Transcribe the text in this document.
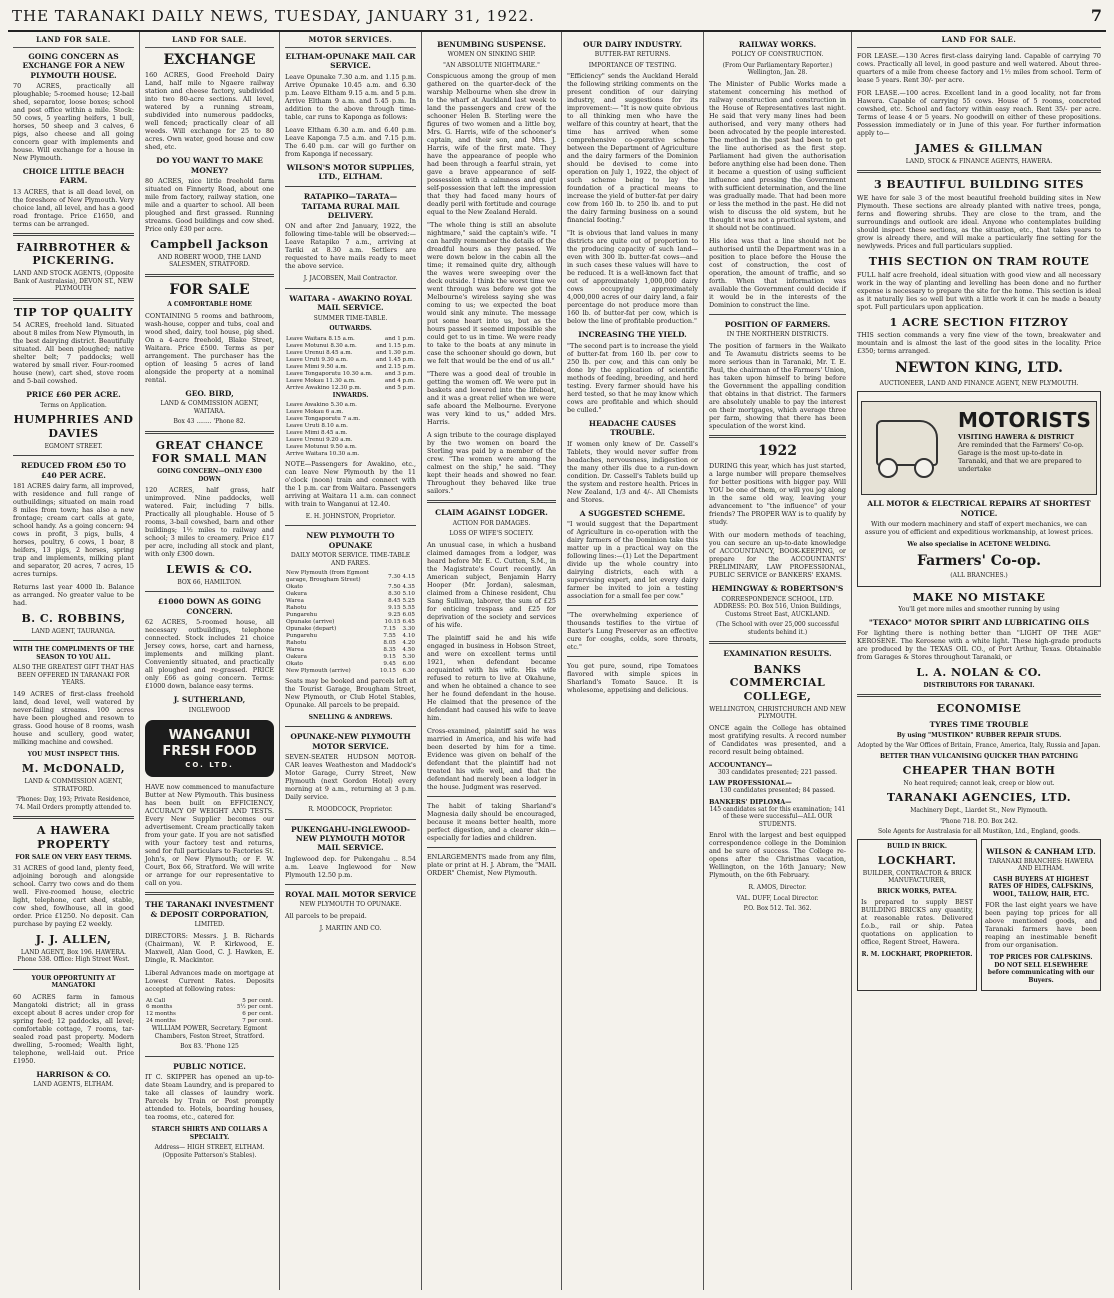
THE TARANAKI DAILY NEWS, TUESDAY, JANUARY 31, 1922.	7
LAND FOR SALE.
GOING CONCERN AS EXCHANGE FOR A NEW PLYMOUTH HOUSE.
70 ACRES, practically all ploughable; 5-roomed house; 12-bail shed, separator, loose boxes; school and post office within a mile. Stock: 50 cows, 5 yearling heifers, 1 bull, horses, 50 sheep and 3 calves, 6 pigs, also cheese and all going concern gear with implements and house. Will exchange for a house in New Plymouth.
CHOICE LITTLE BEACH FARM.
13 ACRES, that is all dead level, on the foreshore of New Plymouth. Very choice land, all level, and has a good road frontage. Price £1650, and terms can be arranged.
FAIRBROTHER & PICKERING.
LAND AND STOCK AGENTS, (Opposite Bank of Australasia), DEVON ST., NEW PLYMOUTH
TIP TOP QUALITY
54 ACRES, freehold land. Situated about 8 miles from New Plymouth, in the best dairying district. Beautifully situated. All been ploughed; native shelter belt; 7 paddocks; well watered by small river. Four-roomed house (new), cart shed, stove room and 5-bail cowshed.
PRICE £60 PER ACRE.
Terms on Application.
HUMPHRIES AND DAVIES
EGMONT STREET.
REDUCED FROM £50 TO £40 PER ACRE.
181 ACRES dairy farm, all improved, with residence and full range of outbuildings; situated on main road 8 miles from town; has also a new frontage; cream cart calls at gate, school handy. As a going concern: 94 cows in profit, 3 pigs, bulls, 4 horses, poultry, 6 cows, 1 boar, 8 heifers, 13 pigs, 2 horses, spring trap and implements, milking plant and separator, 20 acres, 7 acres, 15 acres turnips.
Returns last year 4000 lb. Balance as arranged. No greater value to be had.
B. C. ROBBINS,
LAND AGENT, TAURANGA.
WITH THE COMPLIMENTS OF THE SEASON TO YOU ALL.
ALSO THE GREATEST GIFT THAT HAS BEEN OFFERED IN TARANAKI FOR YEARS.
149 ACRES of first-class freehold land, dead level, well watered by never-failing streams. 100 acres have been ploughed and resown to grass. Good house of 8 rooms, wash house and scullery, good water, milking machine and cowshed.
YOU MUST INSPECT THIS.
M. McDONALD,
LAND & COMMISSION AGENT, STRATFORD.
'Phones: Day, 193; Private Residence, 74. Mail Orders promptly attended to.
A HAWERA PROPERTY
FOR SALE ON VERY EASY TERMS.
31 ACRES of good land, plenty feed, adjoining borough and alongside school. Carry two cows and do them well. Five-roomed house, electric light, telephone, cart shed, stable, cow shed, fowlhouse, all in good order. Price £1250. No deposit. Can purchase by paying £2 weekly.
J. J. ALLEN,
LAND AGENT, Box 196. HAWERA. Phone 538. Office: High Street West.
YOUR OPPORTUNITY AT MANGATOKI
60 ACRES farm in famous Mangatoki district; all in grass except about 8 acres under crop for spring feed; 12 paddocks, all level; comfortable cottage, 7 rooms, tar-sealed road past property. Modern dwelling, 5-roomed; Wealth light, telephone, well-laid out. Price £1950.
HARRISON & CO.
LAND AGENTS, ELTHAM.
LAND FOR SALE.
EXCHANGE
160 ACRES, Good Freehold Dairy Land, half mile to Ngaere railway station and cheese factory, subdivided into two 80-acre sections. All level, watered by a running stream, subdivided into numerous paddocks, well fenced; practically clear of all weeds. Will exchange for 25 to 80 acres. Own water, good house and cow shed, etc.
DO YOU WANT TO MAKE MONEY?
80 ACRES, nice little freehold farm situated on Finnerty Road, about one mile from factory, railway station, one mile and a quarter to school. All been ploughed and first grassed. Running streams. Good buildings and cow shed. Price only £30 per acre.
Campbell Jackson
AND ROBERT WOOD, THE LAND SALESMEN, STRATFORD.
FOR SALE
A COMFORTABLE HOME
CONTAINING 5 rooms and bathroom, wash-house, copper and tubs, coal and wood shed, dairy, tool house, pig shed. On a 4-acre freehold, Blake Street, Waitara. Price £500. Terms as per arrangement. The purchaser has the option of leasing 5 acres of land alongside the property at a nominal rental.
GEO. BIRD,
LAND & COMMISSION AGENT, WAITARA.
Box 43 ........ 'Phone 82.
GREAT CHANCE FOR SMALL MAN
GOING CONCERN—ONLY £300 DOWN
120 ACRES, half grass, half unimproved. Nine paddocks, well watered. Fair, including 7 bills. Practically all ploughable. House of 5 rooms, 3-bail cowshed, barn and other buildings; 1½ miles to railway and school; 3 miles to creamery. Price £17 per acre, including all stock and plant, with only £300 down.
LEWIS & CO.
BOX 66, HAMILTON.
£1000 DOWN AS GOING CONCERN.
62 ACRES, 5-roomed house, all necessary outbuildings, telephone connected. Stock includes 21 choice Jersey cows, horse, cart and harness, implements and milking plant. Conveniently situated, and practically all ploughed and re-grassed. PRICE only £66 as going concern. Terms: £1000 down, balance easy terms.
J. SUTHERLAND,
INGLEWOOD
WANGANUI FRESH FOOD
CO. LTD.
HAVE now commenced to manufacture Butter at New Plymouth. This business has been built on EFFICIENCY, ACCURACY OF WEIGHT AND TESTS. Every New Supplier becomes our advertisement. Cream practically taken from your gate. If you are not satisfied with your factory test and returns, send for full particulars to Factories St. John's, or New Plymouth; or F. W. Court, Box 66, Stratford. We will write or arrange for our representative to call on you.
THE TARANAKI INVESTMENT & DEPOSIT CORPORATION,
LIMITED.
DIRECTORS: Messrs. J. B. Richards (Chairman), W. P. Kirkwood, E. Maxwell, Alan Good, C. J. Hawken, E. Dingle, R. Mackintor.
Liberal Advances made on mortgage at Lowest Current Rates. Deposits accepted at following rates:
At Call	5 per cent.
6 months	5½ per cent.
12 months	6 per cent.
24 months	7 per cent.
WILLIAM POWER, Secretary. Egmont Chambers, Feston Street, Stratford.
Box 83. 'Phone 125
PUBLIC NOTICE.
IT C. SKIPPER has opened an up-to-date Steam Laundry, and is prepared to take all classes of laundry work. Parcels by Train or Post promptly attended to. Hotels, boarding houses, tea rooms, etc., catered for.
STARCH SHIRTS AND COLLARS A SPECIALTY.
Address— HIGH STREET, ELTHAM. (Opposite Patterson's Stables).
MOTOR SERVICES.
ELTHAM-OPUNAKE MAIL CAR SERVICE.
Leave Opunake 7.30 a.m. and 1.15 p.m. Arrive Opunake 10.45 a.m. and 6.30 p.m. Leave Eltham 9.15 a.m. and 5 p.m. Arrive Eltham 9 a.m. and 5.45 p.m. In addition to the above through time-table, car runs to Kaponga as follows:
Leave Eltham 6.30 a.m. and 6.40 p.m. Leave Kaponga 7.5 a.m. and 7.15 p.m. The 6.40 p.m. car will go further on from Kaponga if necessary.
WILSON'S MOTOR SUPPLIES, LTD., ELTHAM.
RATAPIKO—TARATA—TAITAMA RURAL MAIL DELIVERY.
ON and after 2nd January, 1922, the following time-table will be observed:— Leave Ratapiko 7 a.m., arriving at Tariki at 8.30 a.m. Settlers are requested to have mails ready to meet the above service.
J. JACOBSEN, Mail Contractor.
WAITARA - AWAKINO ROYAL MAIL SERVICE.
SUMMER TIME-TABLE.
OUTWARDS.
Leave Waitara 8.15 a.m.	and 1 p.m.
Leave Motunui 8.30 a.m.	and 1.15 p.m.
Leave Urenui 8.45 a.m.	and 1.30 p.m.
Leave Uruti 9.30 a.m.	and 1.45 p.m.
Leave Mimi 9.50 a.m.	and 2.15 p.m.
Leave Tongaporutu 10.30 a.m.	and 3 p.m.
Leave Mokau 11.30 a.m.	and 4 p.m.
Arrive Awakino 12.30 p.m.	and 5 p.m.
INWARDS.
Leave Awakino 5.30 a.m.
Leave Mokau 6 a.m.
Leave Tongaporutu 7 a.m.
Leave Uruti 8.10 a.m.
Leave Mimi 8.45 a.m.
Leave Urenui 9.20 a.m.
Leave Motunui 9.50 a.m.
Arrive Waitara 10.30 a.m.
NOTE—Passengers for Awakino, etc., can leave New Plymouth by the 11 o'clock (noon) train and connect with the 1 p.m. car from Waitara. Passengers arriving at Waitara 11 a.m. can connect with train to Wanganui at 12.40.
E. H. JOHNSTON, Proprietor.
NEW PLYMOUTH TO OPUNAKE
DAILY MOTOR SERVICE. TIME-TABLE AND FARES.
New Plymouth (from Egmont garage, Brougham Street)	7.30	4.15
Okato	7.50	4.35
Oakura	8.30	5.10
Warea	8.45	5.25
Rahotu	9.15	5.55
Pungarehu	9.25	6.05
Opunake (arrive)	10.15	6.45
Opunake (depart)	7.15	3.30
Pungarehu	7.55	4.10
Rahotu	8.05	4.20
Warea	8.35	4.50
Oakura	9.15	5.30
Okato	9.45	6.00
New Plymouth (arrive)	10.15	6.30
Seats may be booked and parcels left at the Tourist Garage, Brougham Street, New Plymouth, or Club Hotel Stables, Opunake. All parcels to be prepaid.
SNELLING & ANDREWS.
OPUNAKE-NEW PLYMOUTH MOTOR SERVICE.
SEVEN-SEATER HUDSON MOTOR-CAR leaves Weatheston and Maddock's Motor Garage, Curry Street, New Plymouth (next Gordon Hotel) every morning at 9 a.m., returning at 3 p.m. Daily service.
R. MOODCOCK, Proprietor.
PUKENGAHU-INGLEWOOD-NEW PLYMOUTH MOTOR MAIL SERVICE.
Inglewood dep. for Pukengahu .. 8.54 a.m. Leave Inglewood for New Plymouth 12.50 p.m.
ROYAL MAIL MOTOR SERVICE
NEW PLYMOUTH TO OPUNAKE.
All parcels to be prepaid.
J. MARTIN AND CO.
BENUMBING SUSPENSE.
WOMEN ON SINKING SHIP.
"AN ABSOLUTE NIGHTMARE."
Conspicuous among the group of men gathered on the quarter-deck of the warship Melbourne when she drew in to the wharf at Auckland last week to land the passengers and crew of the schooner Helen B. Sterling were the figures of two women and a little boy, Mrs. G. Harris, wife of the schooner's captain, and their son, and Mrs. J. Harris, wife of the first mate. They have the appearance of people who had been through a fearful strain, yet gave a brave appearance of self-possession with a calmness and quiet self-possession that left the impression that they had faced many hours of deadly peril with fortitude and courage equal to the New Zealand Herald.
"The whole thing is still an absolute nightmare," said the captain's wife. "I can hardly remember the details of the dreadful hours as they passed. We were down below in the cabin all the time; it remained quite dry, although the waves were sweeping over the deck outside. I think the worst time we went through was before we got the Melbourne's wireless saying she was coming to us; we expected the boat would sink any minute. The message put some heart into us, but as the hours passed it seemed impossible she could get to us in time. We were ready to take to the boats at any minute in case the schooner should go down, but we felt that would be the end of us all."
"There was a good deal of trouble in getting the women off. We were put in baskets and lowered into the lifeboat, and it was a great relief when we were safe aboard the Melbourne. Everyone was very kind to us," added Mrs. Harris.
A sign tribute to the courage displayed by the two women on board the Sterling was paid by a member of the crew. "The women were among the calmest on the ship," he said. "They kept their heads and showed no fear. Throughout they behaved like true sailors."
CLAIM AGAINST LODGER.
ACTION FOR DAMAGES.
LOSS OF WIFE'S SOCIETY.
An unusual case, in which a husband claimed damages from a lodger, was heard before Mr. E. C. Cutten, S.M., in the Magistrate's Court recently. An American subject, Benjamin Harry Hooper (Mr. Jordan), salesman, claimed from a Chinese resident, Chu Sang Sullivan, laborer, the sum of £25 for enticing trespass and £25 for deprivation of the society and services of his wife.
The plaintiff said he and his wife engaged in business in Hobson Street, and were on excellent terms until 1921, when defendant became acquainted with his wife. His wife refused to return to live at Okahune, and when he obtained a chance to see her he found defendant in the house. He claimed that the presence of the defendant had caused his wife to leave him.
Cross-examined, plaintiff said he was married in America, and his wife had been deserted by him for a time. Evidence was given on behalf of the defendant that the plaintiff had not treated his wife well, and that the defendant had merely been a lodger in the house. Judgment was reserved.
The habit of taking Sharland's Magnesia daily should be encouraged, because it means better health, more perfect digestion, and a clearer skin—especially for ladies and children.
ENLARGEMENTS made from any film, plate or print at H. J. Abram, the "MAIL ORDER" Chemist, New Plymouth.
OUR DAIRY INDUSTRY.
BUTTER-FAT RETURNS.
IMPORTANCE OF TESTING.
"Efficiency" sends the Auckland Herald the following striking comments on the present condition of our dairying industry, and suggestions for its improvement:— "It is now quite obvious to all thinking men who have the welfare of this country at heart, that the time has arrived when some comprehensive co-operative scheme between the Department of Agriculture and the dairy farmers of the Dominion should be devised to come into operation on July 1, 1922, the object of such scheme being to lay the foundation of a practical means to increase the yield of butter-fat per dairy cow from 160 lb. to 250 lb. and to put the dairy farming business on a sound financial footing."
"It is obvious that land values in many districts are quite out of proportion to the producing capacity of such land—even with 300 lb. butter-fat cows—and in such cases these values will have to be reduced. It is a well-known fact that out of approximately 1,000,000 dairy cows occupying approximately 4,000,000 acres of our dairy land, a fair percentage do not produce more than 160 lb. of butter-fat per cow, which is below the line of profitable production."
INCREASING THE YIELD.
"The second part is to increase the yield of butter-fat from 160 lb. per cow to 250 lb. per cow, and this can only be done by the application of scientific methods of feeding, breeding, and herd testing. Every farmer should have his herd tested, so that he may know which cows are profitable and which should be culled."
HEADACHE CAUSES TROUBLE.
If women only knew of Dr. Cassell's Tablets, they would never suffer from headaches, nervousness, indigestion or the many other ills due to a run-down condition. Dr. Cassell's Tablets build up the system and restore health. Prices in New Zealand, 1/3 and 4/-. All Chemists and Stores.
A SUGGESTED SCHEME.
"I would suggest that the Department of Agriculture in co-operation with the dairy farmers of the Dominion take this matter up in a practical way on the following lines:—(1) Let the Department divide up the whole country into dairying districts, each with a supervising expert, and let every dairy farmer be invited to join a testing association for a small fee per cow."
"The overwhelming experience of thousands testifies to the virtue of Baxter's Lung Preserver as an effective cure for coughs, colds, sore throats, etc."
You get pure, sound, ripe Tomatoes flavored with simple spices in Sharland's Tomato Sauce. It is wholesome, appetising and delicious.
RAILWAY WORKS.
POLICY OF CONSTRUCTION.
(From Our Parliamentary Reporter.) Wellington, Jan. 28.
The Minister of Public Works made a statement concerning his method of railway construction and construction in the House of Representatives last night. He said that very many lines had been authorised, and very many others had been advocated by the people interested. The method in the past had been to get the line authorised as the first step. Parliament had given the authorisation before anything else had been done. Then it became a question of using sufficient influence and pressing the Government with sufficient determination, and the line was gradually made. That had been more or less the method in the past. He did not wish to discuss the old system, but he thought it was not a practical system, and it should not be continued.
His idea was that a line should not be authorised until the Department was in a position to place before the House the cost of construction, the cost of operation, the amount of traffic, and so forth. When that information was available the Government could decide if it would be in the interests of the Dominion to construct the line.
POSITION OF FARMERS.
IN THE NORTHERN DISTRICTS.
The position of farmers in the Waikato and Te Awamutu districts seems to be more serious than in Taranaki, Mr. T. E. Paul, the chairman of the Farmers' Union, has taken upon himself to bring before the Government the appalling condition that obtains in that district. The farmers are absolutely unable to pay the interest on their mortgages, which average three per farm, showing that there has been speculation of the worst kind.
1922
DURING this year, which has just started, a large number will prepare themselves for better positions with bigger pay. Will YOU be one of them, or will you jog along in the same old way, leaving your advancement to "the influence" of your friends? The PROPER WAY is to qualify by study.
With our modern methods of teaching, you can secure an up-to-date knowledge of ACCOUNTANCY, BOOK-KEEPING, or prepare for the ACCOUNTANTS' PRELIMINARY, LAW PROFESSIONAL, PUBLIC SERVICE or BANKERS' EXAMS.
HEMINGWAY & ROBERTSON'S
CORRESPONDENCE SCHOOL, LTD. ADDRESS: P.O. Box 516, Union Buildings, Customs Street East, AUCKLAND.
(The School with over 25,000 successful students behind it.)
EXAMINATION RESULTS.
BANKS COMMERCIAL COLLEGE,
WELLINGTON, CHRISTCHURCH AND NEW PLYMOUTH.
ONCE again the College has obtained most gratifying results. A record number of Candidates was presented, and a record result being obtained.
ACCOUNTANCY—
303 candidates presented; 221 passed.
LAW PROFESSIONAL—
130 candidates presented; 84 passed.
BANKERS' DIPLOMA—
145 candidates sat for this examination; 141 of these were successful—ALL OUR STUDENTS.
Enrol with the largest and best equipped correspondence college in the Dominion and be sure of success. The College re-opens after the Christmas vacation, Wellington, on the 16th January; New Plymouth, on the 6th February.
R. AMOS, Director.
VAL. DUFF, Local Director.
P.O. Box 512. Tel. 362.
LAND FOR SALE.
FOR LEASE.—130 Acres first-class dairying land. Capable of carrying 70 cows. Practically all level, in good pasture and well watered. About three-quarters of a mile from cheese factory and 1½ miles from school. Term of lease 5 years. Rent 30/- per acre.
FOR LEASE.—100 acres. Excellent land in a good locality, not far from Hawera. Capable of carrying 55 cows. House of 5 rooms, concreted cowshed, etc. School and factory within easy reach. Rent 35/- per acre. Terms of lease 4 or 5 years. No goodwill on either of these propositions. Possession immediately or in June of this year. For further information apply to—
JAMES & GILLMAN
LAND, STOCK & FINANCE AGENTS, HAWERA.
3 BEAUTIFUL BUILDING SITES
WE have for sale 3 of the most beautiful freehold building sites in New Plymouth. These sections are already planted with native trees, ponga, ferns and flowering shrubs. They are close to the tram, and the surroundings and outlook are ideal. Anyone who contemplates building should inspect these sections, as the situation, etc., that takes years to grow is already there, and will make a particularly fine setting for the newlyweds. Prices and full particulars supplied.
THIS SECTION ON TRAM ROUTE
FULL half acre freehold, ideal situation with good view and all necessary work in the way of planting and levelling has been done and no further expense is necessary to prepare the site for the home. This section is ideal as it naturally lies so well but with a little work it can be made a beauty spot. Full particulars upon application.
1 ACRE SECTION FITZROY
THIS section commands a very fine view of the town, breakwater and mountain and is almost the last of the good sites in the locality. Price £350; terms arranged.
NEWTON KING, LTD.
AUCTIONEER, LAND AND FINANCE AGENT, NEW PLYMOUTH.
MOTORISTS
VISITING HAWERA & DISTRICT
Are reminded that the Farmers' Co-op. Garage is the most up-to-date in Taranaki, and that we are prepared to undertake
ALL MOTOR & ELECTRICAL REPAIRS AT SHORTEST NOTICE.
With our modern machinery and staff of expert mechanics, we can assure you of efficient and expeditious workmanship, at lowest prices.
We also specialise in ACETONE WELDING.
Farmers' Co-op.
(ALL BRANCHES.)
MAKE NO MISTAKE
You'll get more miles and smoother running by using
"TEXACO" MOTOR SPIRIT AND LUBRICATING OILS
For lighting there is nothing better than "LIGHT OF THE AGE" KEROSENE. The Kerosene with a white light. These high-grade products are produced by the TEXAS OIL CO., of Port Arthur, Texas. Obtainable from Garages & Stores throughout Taranaki, or
L. A. NOLAN & CO.
DISTRIBUTORS FOR TARANAKI.
ECONOMISE
TYRES TIME TROUBLE
By using "MUSTIKON" RUBBER REPAIR STUDS.
Adopted by the War Offices of Britain, France, America, Italy, Russia and Japan.
BETTER THAN VULCANISING QUICKER THAN PATCHING
CHEAPER THAN BOTH
No heat required; cannot leak, creep or blow out.
TARANAKI AGENCIES, LTD.
Machinery Dept., Liardet St., New Plymouth.
'Phone 718. P.O. Box 242.
Sole Agents for Australasia for all Mustikon, Ltd., England, goods.
BUILD IN BRICK.
LOCKHART.
BUILDER, CONTRACTOR & BRICK MANUFACTURER,
BRICK WORKS, PATEA.
Is prepared to supply BEST BUILDING BRICKS any quantity, at reasonable rates. Delivered f.o.b., rail or ship. Patea quotations on application to office, Regent Street, Hawera.
R. M. LOCKHART, PROPRIETOR.
WILSON & CANHAM LTD.
TARANAKI BRANCHES: HAWERA AND ELTHAM.
CASH BUYERS AT HIGHEST RATES OF HIDES, CALFSKINS, WOOL, TALLOW, HAIR, ETC.
FOR the last eight years we have been paying top prices for all above mentioned goods, and Taranaki farmers have been reaping an inestimable benefit from our organisation.
TOP PRICES FOR CALFSKINS. DO NOT SELL ELSEWHERE before communicating with our Buyers.
